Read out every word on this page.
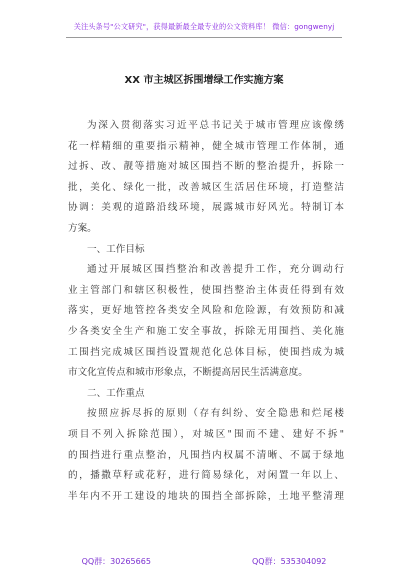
关注头条号"公文研究"，获得最新最全最专业的公文资料库！ 微信：gongwenyj
XX 市主城区拆围增绿工作实施方案
为深入贯彻落实习近平总书记关于城市管理应该像绣
花一样精细的重要指示精神，健全城市管理工作体制，通
过拆、改、靓等措施对城区围挡不断的整治提升，拆除一
批，美化、绿化一批，改善城区生活居住环境，打造整洁
协调：美观的道路沿线环境，展露城市好风光。特制订本
方案。
一、工作目标
通过开展城区围挡整治和改善提升工作，充分调动行
业主管部门和辖区积极性，使围挡整治主体责任得到有效
落实，更好地管控各类安全风险和危险源，有效预防和减
少各类安全生产和施工安全事故，拆除无用围挡、美化施
工围挡完成城区围挡设置规范化总体目标，使围挡成为城
市文化宣传点和城市形象点，不断提高居民生活满意度。
二、工作重点
按照应拆尽拆的原则（存有纠纷、安全隐患和烂尾楼
项目不列入拆除范围），对城区"围而不建、建好不拆"
的围挡进行重点整治，凡围挡内权属不清晰、不属于绿地
的，播撒草籽或花籽，进行简易绿化，对闲置一年以上、
半年内不开工建设的地块的围挡全部拆除，土地平整清理
QQ群：30265665	QQ群：535304092
